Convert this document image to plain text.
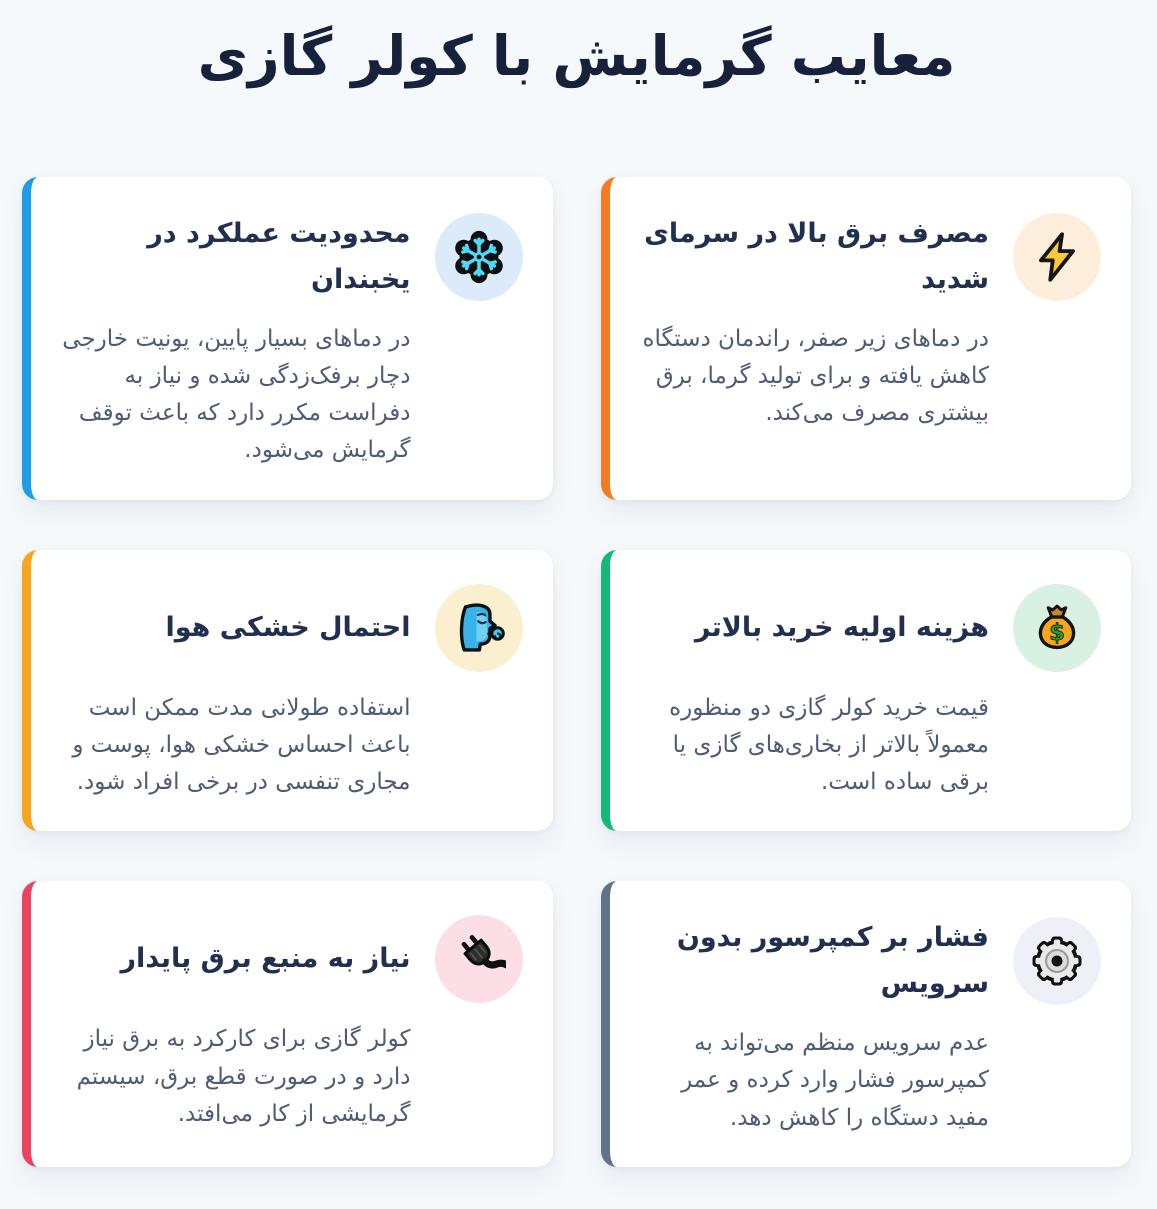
معایب گرمایش با کولر گازی
مصرف برق بالا در سرمای شدید

در دماهای زیر صفر، راندمان دستگاه کاهش یافته و برای تولید گرما، برق بیشتری مصرف می‌کند.

محدودیت عملکرد در یخبندان

در دماهای بسیار پایین، یونیت خارجی دچار برفک‌زدگی شده و نیاز به دفراست مکرر دارد که باعث توقف گرمایش می‌شود.

$
هزینه اولیه خرید بالاتر

قیمت خرید کولر گازی دو منظوره معمولاً بالاتر از بخاری‌های گازی یا برقی ساده است.

احتمال خشکی هوا

استفاده طولانی مدت ممکن است باعث احساس خشکی هوا، پوست و مجاری تنفسی در برخی افراد شود.

فشار بر کمپرسور بدون سرویس

عدم سرویس منظم می‌تواند به کمپرسور فشار وارد کرده و عمر مفید دستگاه را کاهش دهد.

نیاز به منبع برق پایدار

کولر گازی برای کارکرد به برق نیاز دارد و در صورت قطع برق، سیستم گرمایشی از کار می‌افتد.
